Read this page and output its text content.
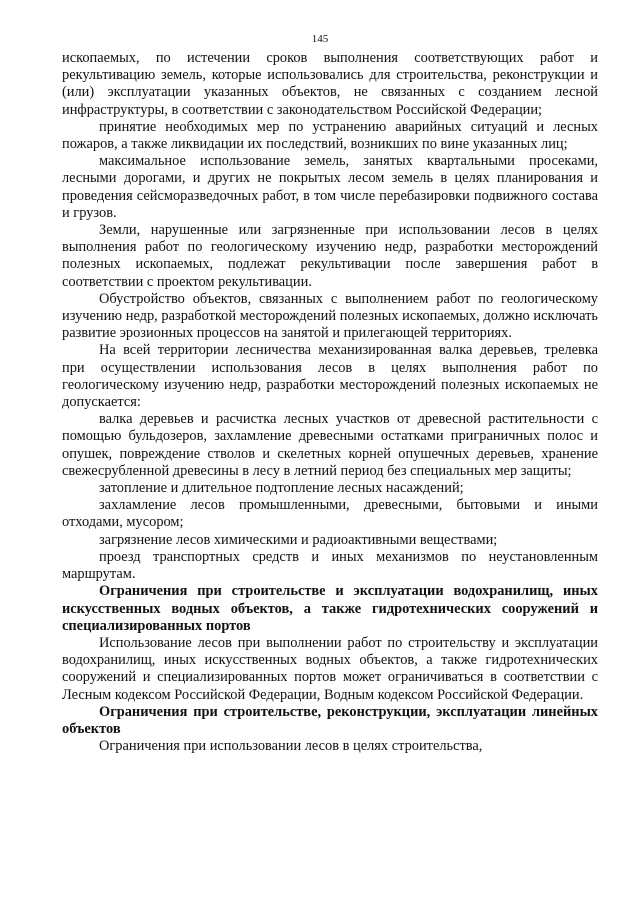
145

ископаемых, по истечении сроков выполнения соответствующих работ и рекультивацию земель, которые использовались для строительства, реконструкции и (или) эксплуатации указанных объектов, не связанных с созданием лесной инфраструктуры, в соответствии с законодательством Российской Федерации;

принятие необходимых мер по устранению аварийных ситуаций и лесных пожаров, а также ликвидации их последствий, возникших по вине указанных лиц;

максимальное использование земель, занятых квартальными просеками, лесными дорогами, и других не покрытых лесом земель в целях планирования и проведения сейсморазведочных работ, в том числе перебазировки подвижного состава и грузов.

Земли, нарушенные или загрязненные при использовании лесов в целях выполнения работ по геологическому изучению недр, разработки месторождений полезных ископаемых, подлежат рекультивации после завершения работ в соответствии с проектом рекультивации.

Обустройство объектов, связанных с выполнением работ по геологическому изучению недр, разработкой месторождений полезных ископаемых, должно исключать развитие эрозионных процессов на занятой и прилегающей территориях.

На всей территории лесничества механизированная валка деревьев, трелевка при осуществлении использования лесов в целях выполнения работ по геологическому изучению недр, разработки месторождений полезных ископаемых не допускается:

валка деревьев и расчистка лесных участков от древесной растительности с помощью бульдозеров, захламление древесными остатками приграничных полос и опушек, повреждение стволов и скелетных корней опушечных деревьев, хранение свежесрубленной древесины в лесу в летний период без специальных мер защиты;

затопление и длительное подтопление лесных насаждений;

захламление лесов промышленными, древесными, бытовыми и иными отходами, мусором;

загрязнение лесов химическими и радиоактивными веществами;

проезд транспортных средств и иных механизмов по неустановленным маршрутам.

Ограничения при строительстве и эксплуатации водохранилищ, иных искусственных водных объектов, а также гидротехнических сооружений и специализированных портов

Использование лесов при выполнении работ по строительству и эксплуатации водохранилищ, иных искусственных водных объектов, а также гидротехнических сооружений и специализированных портов может ограничиваться в соответствии с Лесным кодексом Российской Федерации, Водным кодексом Российской Федерации.

Ограничения при строительстве, реконструкции, эксплуатации линейных объектов

Ограничения при использовании лесов в целях строительства,
